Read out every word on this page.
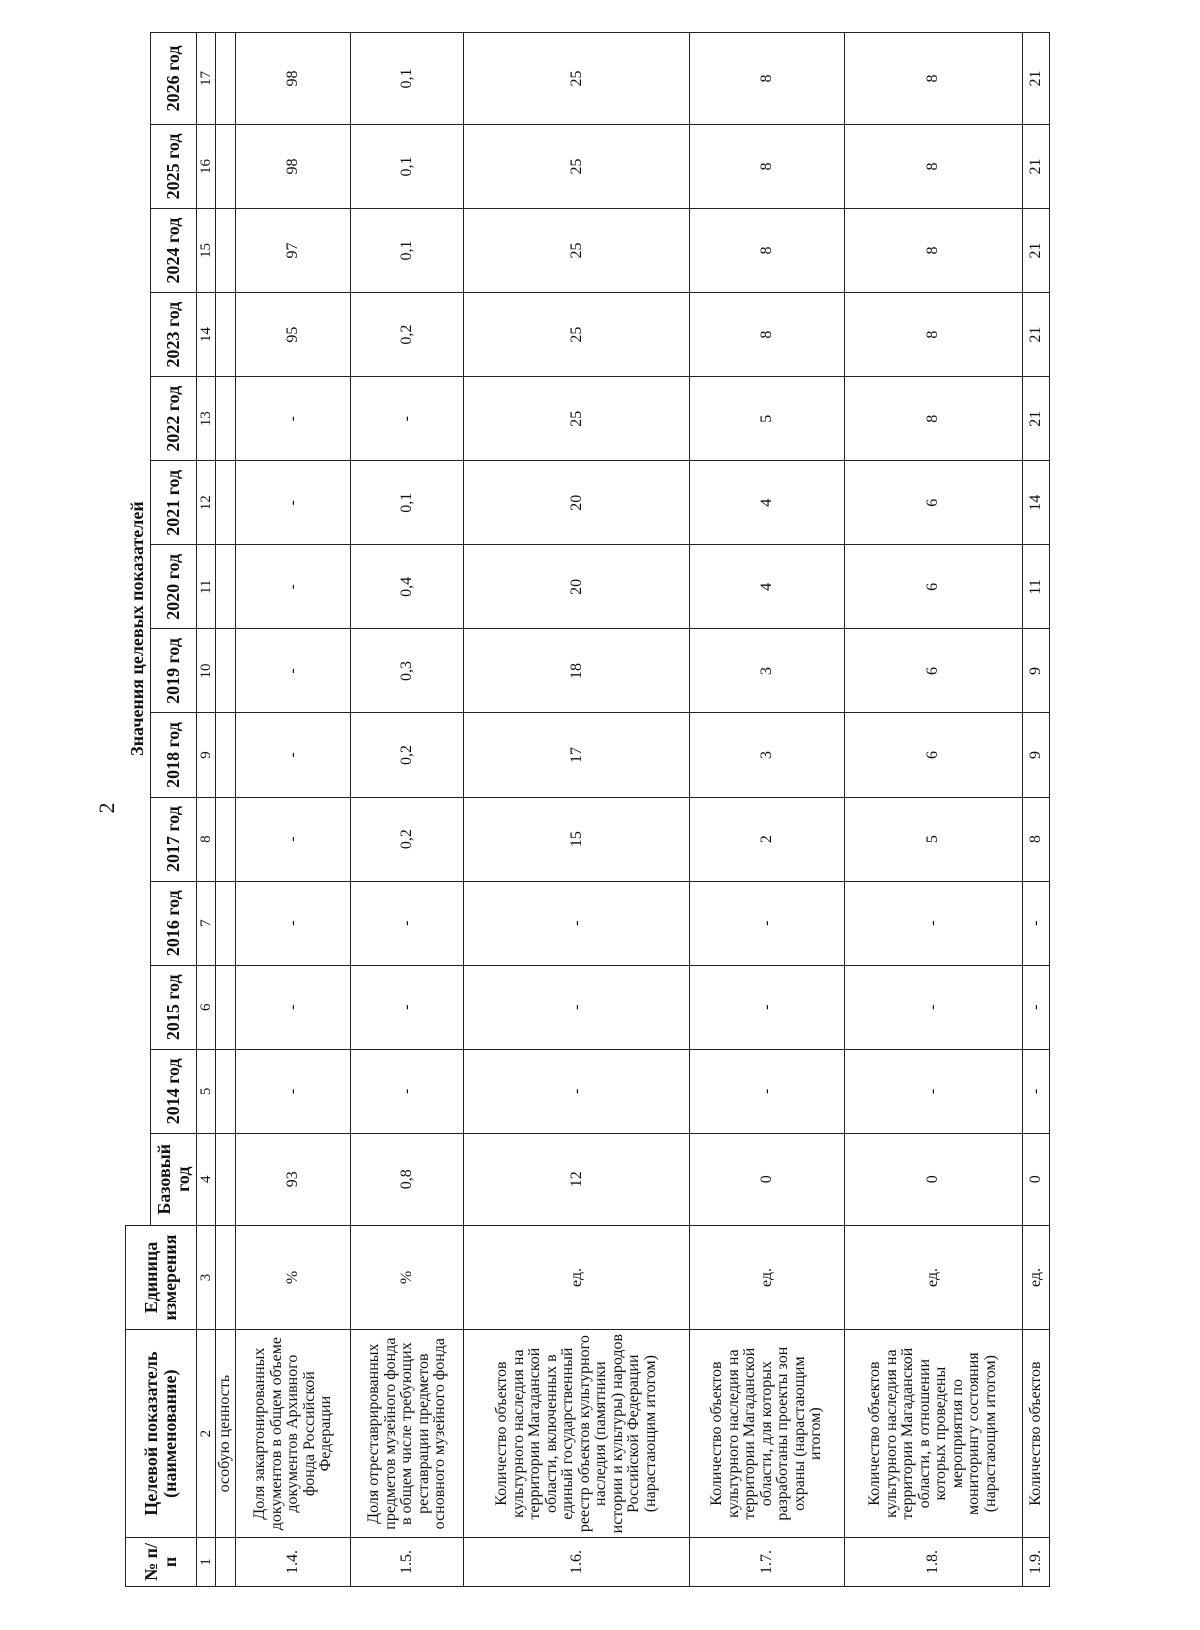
2
№ п/п	Целевой показатель (наименование)	Единица измерения	Значения целевых показателей													
			Базовый год	2014 год	2015 год	2016 год	2017 год	2018 год	2019 год	2020 год	2021 год	2022 год	2023 год	2024 год	2025 год	2026 год
1	2	3	4	5	6	7	8	9	10	11	12	13	14	15	16	17
	особую ценность															
1.4.	Доля закартонированных документов в общем объеме документов Архивного фонда Российской Федерации	%	93	-	-	-	-	-	-	-	-	-	95	97	98	98
1.5.	Доля отреставрированных предметов музейного фонда в общем числе требующих реставрации предметов основного музейного фонда	%	0,8	-	-	-	0,2	0,2	0,3	0,4	0,1	-	0,2	0,1	0,1	0,1
1.6.	Количество объектов культурного наследия на территории Магаданской области, включенных в единый государственный реестр объектов культурного наследия (памятники истории и культуры) народов Российской Федерации (нарастающим итогом)	ед.	12	-	-	-	15	17	18	20	20	25	25	25	25	25
1.7.	Количество объектов культурного наследия на территории Магаданской области, для которых разработаны проекты зон охраны (нарастающим итогом)	ед.	0	-	-	-	2	3	3	4	4	5	8	8	8	8
1.8.	Количество объектов культурного наследия на территории Магаданской области, в отношении которых проведены мероприятия по мониторингу состояния (нарастающим итогом)	ед.	0	-	-	-	5	6	6	6	6	8	8	8	8	8
1.9.	Количество объектов	ед.	0	-	-	-	8	9	9	11	14	21	21	21	21	21
